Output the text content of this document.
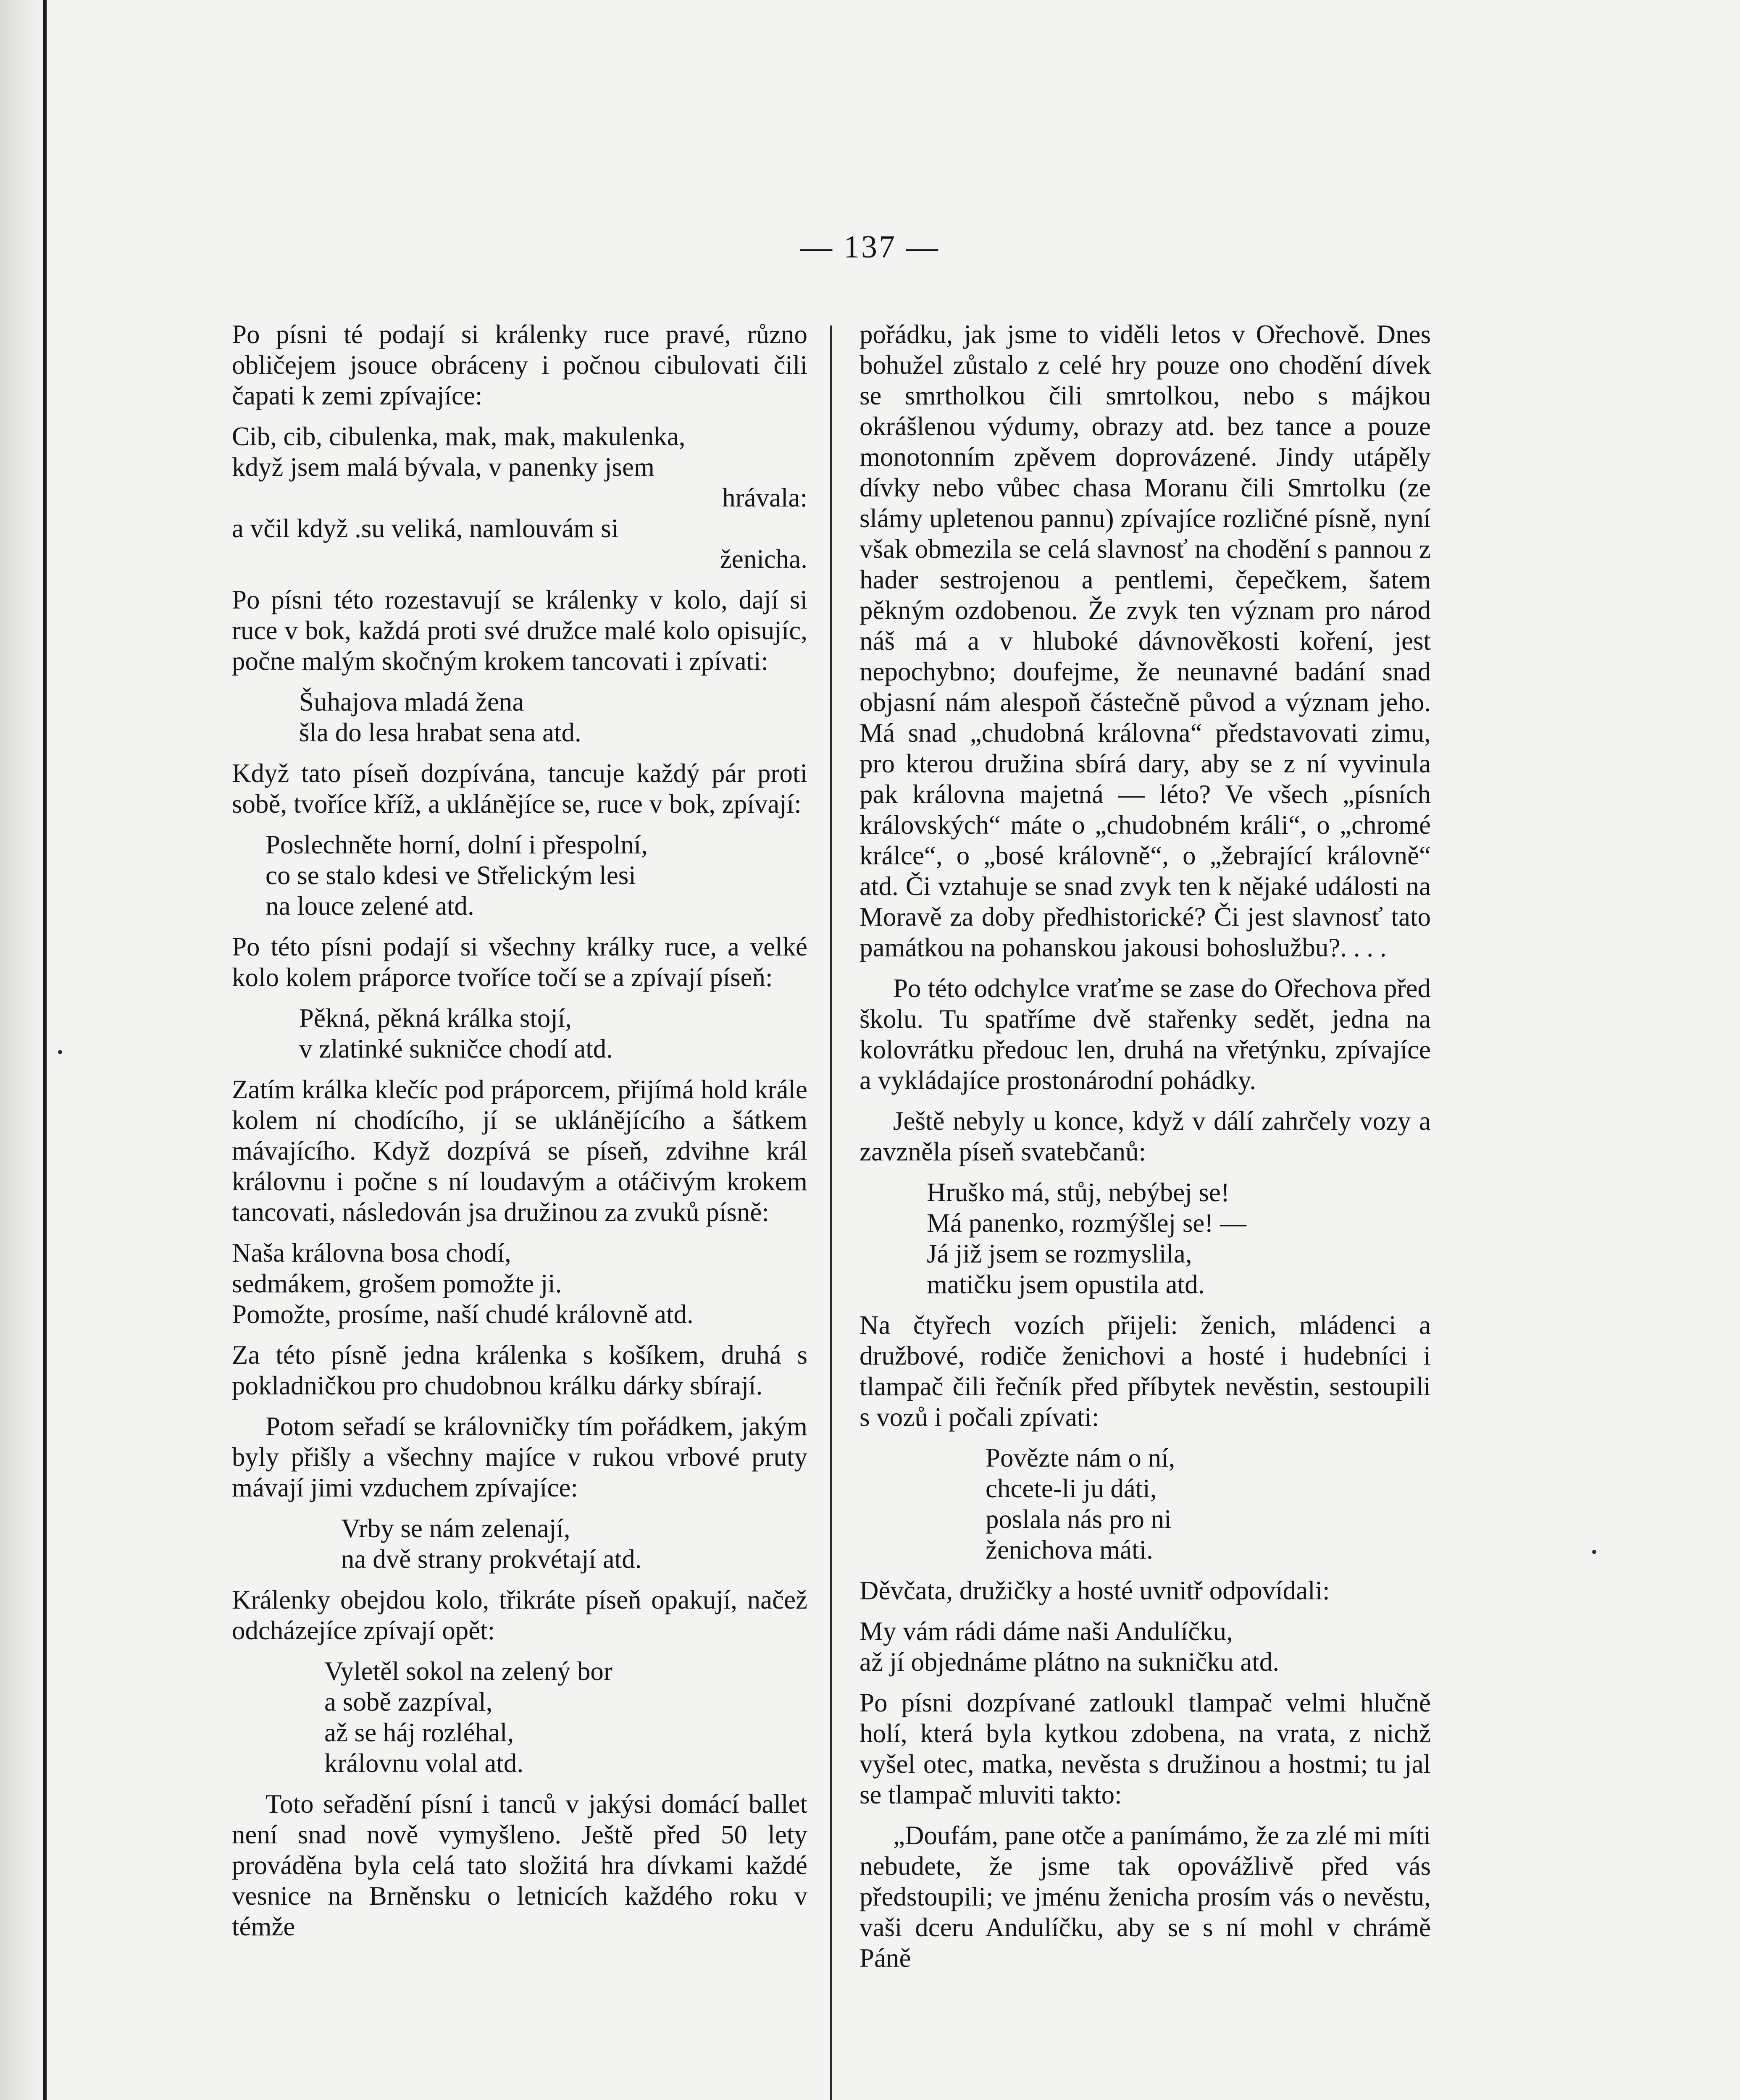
— 137 —

Po písni té podají si králenky ruce pravé, různo obličejem jsouce obráceny i počnou cibulovati čili čapati k zemi zpívajíce:

Cib, cib, cibulenka, mak, mak, makulenka,
když jsem malá bývala, v panenky jsem
hrávala:
a včil když .su veliká, namlouvám si
ženicha.

Po písni této rozestavují se králenky v kolo, dají si ruce v bok, každá proti své družce malé kolo opisujíc, počne malým skočným krokem tancovati i zpívati:

Šuhajova mladá žena
šla do lesa hrabat sena atd.

Když tato píseň dozpívána, tancuje každý pár proti sobě, tvoříce kříž, a uklánějíce se, ruce v bok, zpívají:

Poslechněte horní, dolní i přespolní,
co se stalo kdesi ve Střelickým lesi
na louce zelené atd.

Po této písni podají si všechny králky ruce, a velké kolo kolem práporce tvoříce točí se a zpívají píseň:

Pěkná, pěkná králka stojí,
v zlatinké sukničce chodí atd.

Zatím králka klečíc pod práporcem, přijímá hold krále kolem ní chodícího, jí se uklánějícího a šátkem mávajícího. Když dozpívá se píseň, zdvihne král královnu i počne s ní loudavým a otáčivým krokem tancovati, následován jsa družinou za zvuků písně:

Naša královna bosa chodí,
sedmákem, grošem pomožte ji.
Pomožte, prosíme, naší chudé královně atd.

Za této písně jedna králenka s košíkem, druhá s pokladničkou pro chudobnou králku dárky sbírají.

Potom seřadí se královničky tím pořádkem, jakým byly přišly a všechny majíce v rukou vrbové pruty mávají jimi vzduchem zpívajíce:

Vrby se nám zelenají,
na dvě strany prokvétají atd.

Králenky obejdou kolo, třikráte píseň opakují, načež odcházejíce zpívají opět:

Vyletěl sokol na zelený bor
a sobě zazpíval,
až se háj rozléhal,
královnu volal atd.

Toto seřadění písní i tanců v jakýsi domácí ballet není snad nově vymyšleno. Ještě před 50 lety prováděna byla celá tato složitá hra dívkami každé vesnice na Brněnsku o letnicích každého roku v témže

pořádku, jak jsme to viděli letos v Ořechově. Dnes bohužel zůstalo z celé hry pouze ono chodění dívek se smrtholkou čili smrtolkou, nebo s májkou okrášlenou výdumy, obrazy atd. bez tance a pouze monotonním zpěvem doprovázené. Jindy utápěly dívky nebo vůbec chasa Moranu čili Smrtolku (ze slámy upletenou pannu) zpívajíce rozličné písně, nyní však obmezila se celá slavnosť na chodění s pannou z hader sestrojenou a pentlemi, čepečkem, šatem pěkným ozdobenou. Že zvyk ten význam pro národ náš má a v hluboké dávnověkosti koření, jest nepochybno; doufejme, že neunavné badání snad objasní nám alespoň částečně původ a význam jeho. Má snad „chudobná královna“ představovati zimu, pro kterou družina sbírá dary, aby se z ní vyvinula pak královna majetná — léto? Ve všech „písních královských“ máte o „chudobném králi“, o „chromé králce“, o „bosé královně“, o „žebrající královně“ atd. Či vztahuje se snad zvyk ten k nějaké události na Moravě za doby předhistorické? Či jest slavnosť tato památkou na pohanskou jakousi bohoslužbu?. . . .

Po této odchylce vraťme se zase do Ořechova před školu. Tu spatříme dvě stařenky sedět, jedna na kolovrátku předouc len, druhá na vřetýnku, zpívajíce a vykládajíce prostonárodní pohádky.

Ještě nebyly u konce, když v dálí zahrčely vozy a zavzněla píseň svatebčanů:

Hruško má, stůj, nebýbej se!
Má panenko, rozmýšlej se! —
Já již jsem se rozmyslila,
matičku jsem opustila atd.

Na čtyřech vozích přijeli: ženich, mládenci a družbové, rodiče ženichovi a hosté i hudebníci i tlampač čili řečník před příbytek nevěstin, sestoupili s vozů i počali zpívati:

Povězte nám o ní,
chcete-li ju dáti,
poslala nás pro ni
ženichova máti.

Děvčata, družičky a hosté uvnitř odpovídali:

My vám rádi dáme naši Andulíčku,
až jí objednáme plátno na sukničku atd.

Po písni dozpívané zatloukl tlampač velmi hlučně holí, která byla kytkou zdobena, na vrata, z nichž vyšel otec, matka, nevěsta s družinou a hostmi; tu jal se tlampač mluviti takto:

„Doufám, pane otče a panímámo, že za zlé mi míti nebudete, že jsme tak opovážlivě před vás předstoupili; ve jménu ženicha prosím vás o nevěstu, vaši dceru Andulíčku, aby se s ní mohl v chrámě Páně
